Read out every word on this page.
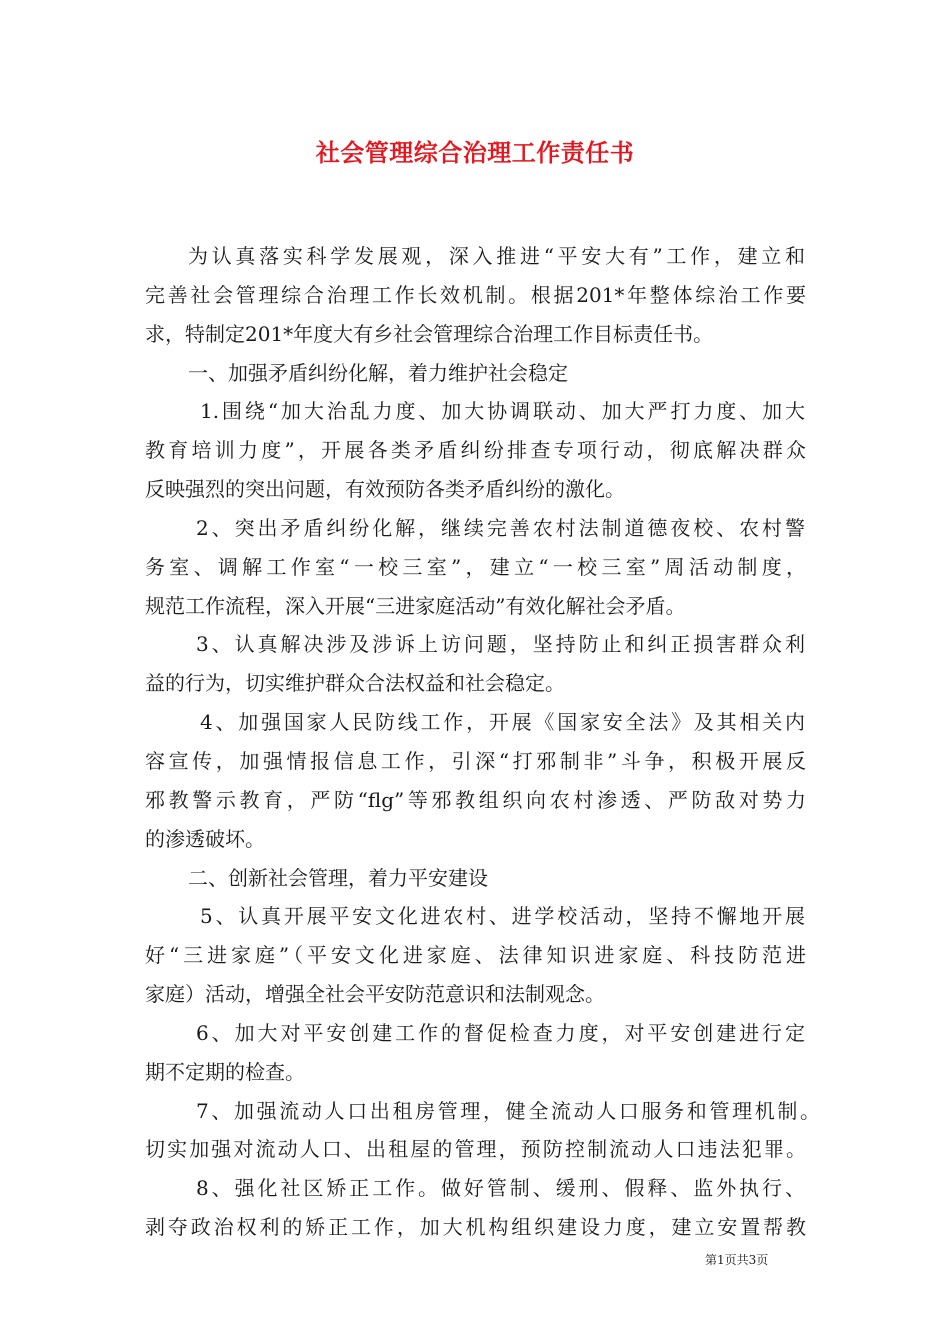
社会管理综合治理工作责任书
为认真落实科学发展观，深入推进“平安大有”工作，建立和
完善社会管理综合治理工作长效机制。根据201*年整体综治工作要
求，特制定201*年度大有乡社会管理综合治理工作目标责任书。
一、加强矛盾纠纷化解，着力维护社会稳定
1.围绕“加大治乱力度、加大协调联动、加大严打力度、加大
教育培训力度”，开展各类矛盾纠纷排查专项行动，彻底解决群众
反映强烈的突出问题，有效预防各类矛盾纠纷的激化。
2、突出矛盾纠纷化解，继续完善农村法制道德夜校、农村警
务室、调解工作室“一校三室”，建立“一校三室”周活动制度，
规范工作流程，深入开展“三进家庭活动”有效化解社会矛盾。
3、认真解决涉及涉诉上访问题，坚持防止和纠正损害群众利
益的行为，切实维护群众合法权益和社会稳定。
4、加强国家人民防线工作，开展《国家安全法》及其相关内
容宣传，加强情报信息工作，引深“打邪制非”斗争，积极开展反
邪教警示教育，严防“flg”等邪教组织向农村渗透、严防敌对势力
的渗透破坏。
二、创新社会管理，着力平安建设
5、认真开展平安文化进农村、进学校活动，坚持不懈地开展
好“三进家庭”（平安文化进家庭、法律知识进家庭、科技防范进
家庭）活动，增强全社会平安防范意识和法制观念。
6、加大对平安创建工作的督促检查力度，对平安创建进行定
期不定期的检查。
7、加强流动人口出租房管理，健全流动人口服务和管理机制。
切实加强对流动人口、出租屋的管理，预防控制流动人口违法犯罪。
8、强化社区矫正工作。做好管制、缓刑、假释、监外执行、
剥夺政治权利的矫正工作，加大机构组织建设力度，建立安置帮教
第1页共3页
